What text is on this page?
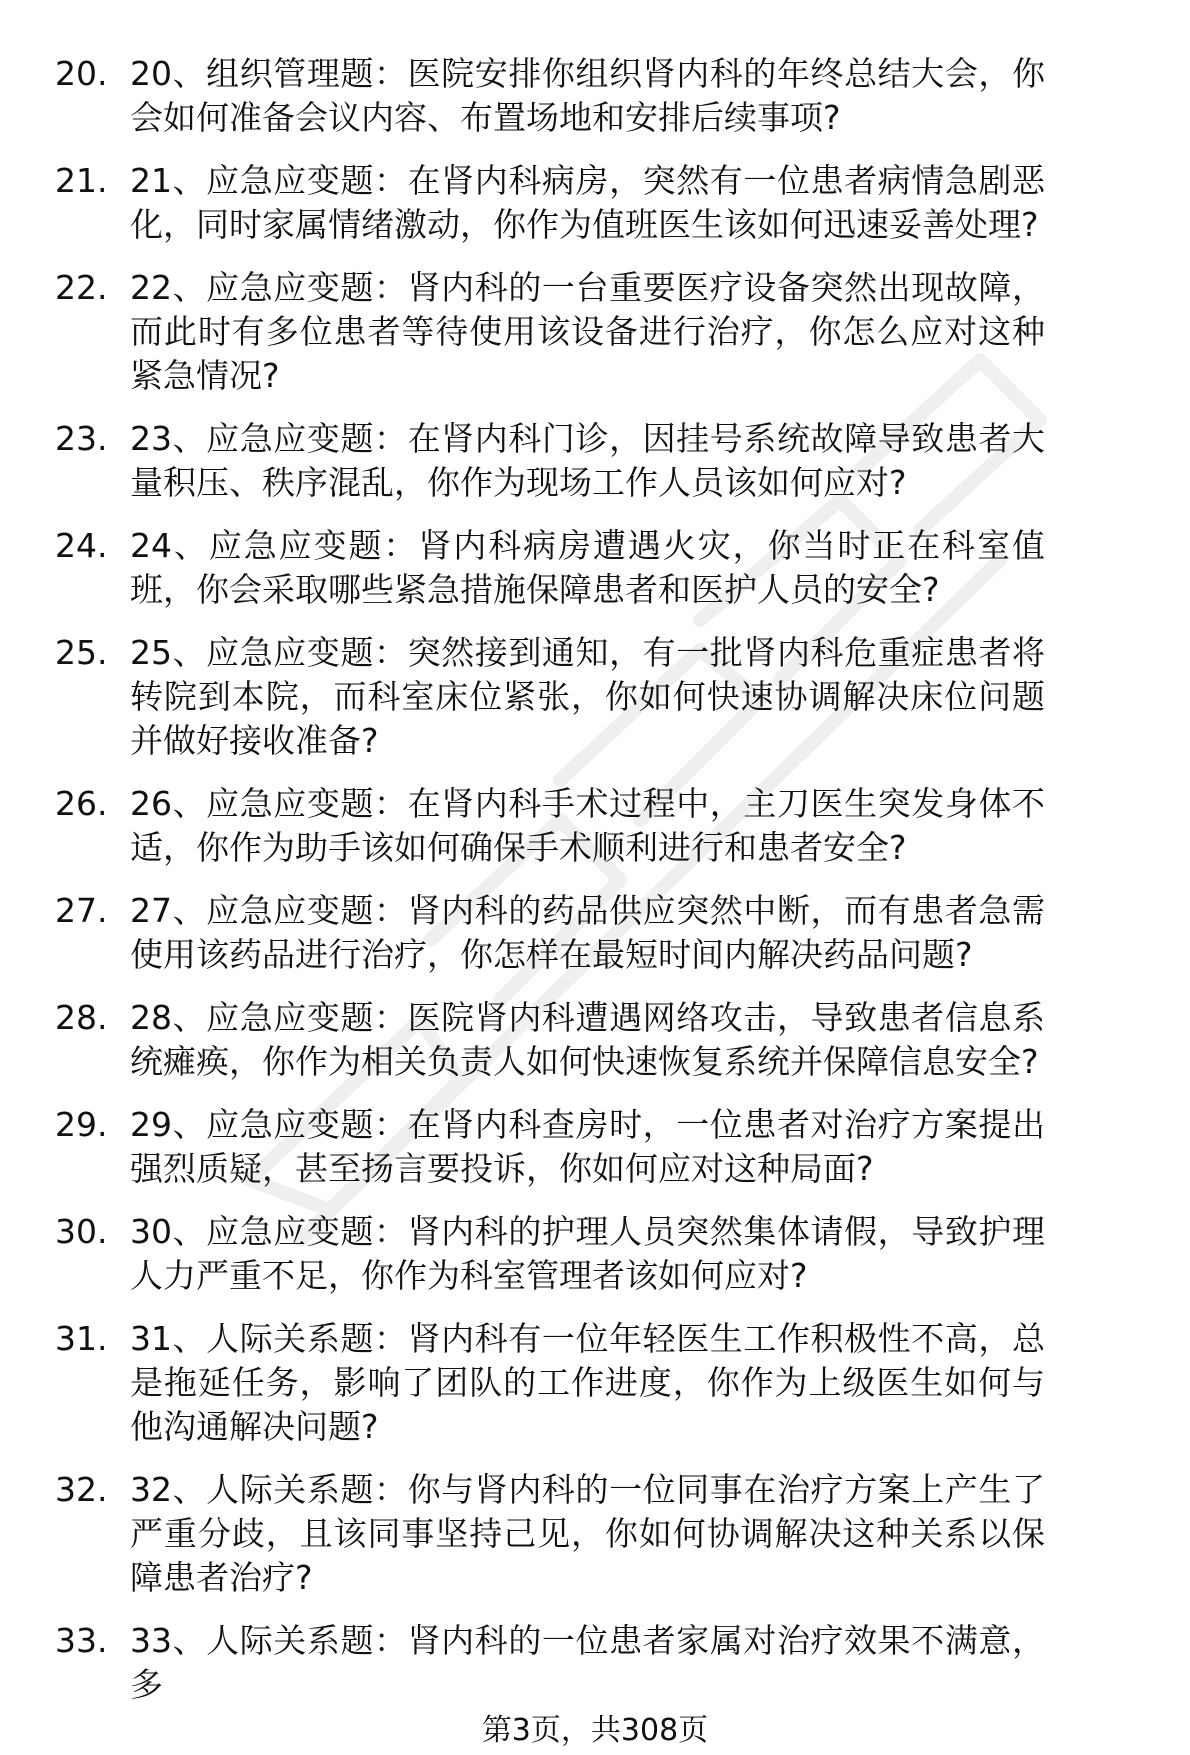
20. 20、组织管理题：医院安排你组织肾内科的年终总结大会，你会如何准备会议内容、布置场地和安排后续事项?
21. 21、应急应变题：在肾内科病房，突然有一位患者病情急剧恶化，同时家属情绪激动，你作为值班医生该如何迅速妥善处理?
22. 22、应急应变题：肾内科的一台重要医疗设备突然出现故障，而此时有多位患者等待使用该设备进行治疗，你怎么应对这种紧急情况?
23. 23、应急应变题：在肾内科门诊，因挂号系统故障导致患者大量积压、秩序混乱，你作为现场工作人员该如何应对?
24. 24、应急应变题：肾内科病房遭遇火灾，你当时正在科室值班，你会采取哪些紧急措施保障患者和医护人员的安全?
25. 25、应急应变题：突然接到通知，有一批肾内科危重症患者将转院到本院，而科室床位紧张，你如何快速协调解决床位问题并做好接收准备?
26. 26、应急应变题：在肾内科手术过程中，主刀医生突发身体不适，你作为助手该如何确保手术顺利进行和患者安全?
27. 27、应急应变题：肾内科的药品供应突然中断，而有患者急需使用该药品进行治疗，你怎样在最短时间内解决药品问题?
28. 28、应急应变题：医院肾内科遭遇网络攻击，导致患者信息系统瘫痪，你作为相关负责人如何快速恢复系统并保障信息安全?
29. 29、应急应变题：在肾内科查房时，一位患者对治疗方案提出强烈质疑，甚至扬言要投诉，你如何应对这种局面?
30. 30、应急应变题：肾内科的护理人员突然集体请假，导致护理人力严重不足，你作为科室管理者该如何应对?
31. 31、人际关系题：肾内科有一位年轻医生工作积极性不高，总是拖延任务，影响了团队的工作进度，你作为上级医生如何与他沟通解决问题?
32. 32、人际关系题：你与肾内科的一位同事在治疗方案上产生了严重分歧，且该同事坚持己见，你如何协调解决这种关系以保障患者治疗?
33. 33、人际关系题：肾内科的一位患者家属对治疗效果不满意，多
第3页，共308页
